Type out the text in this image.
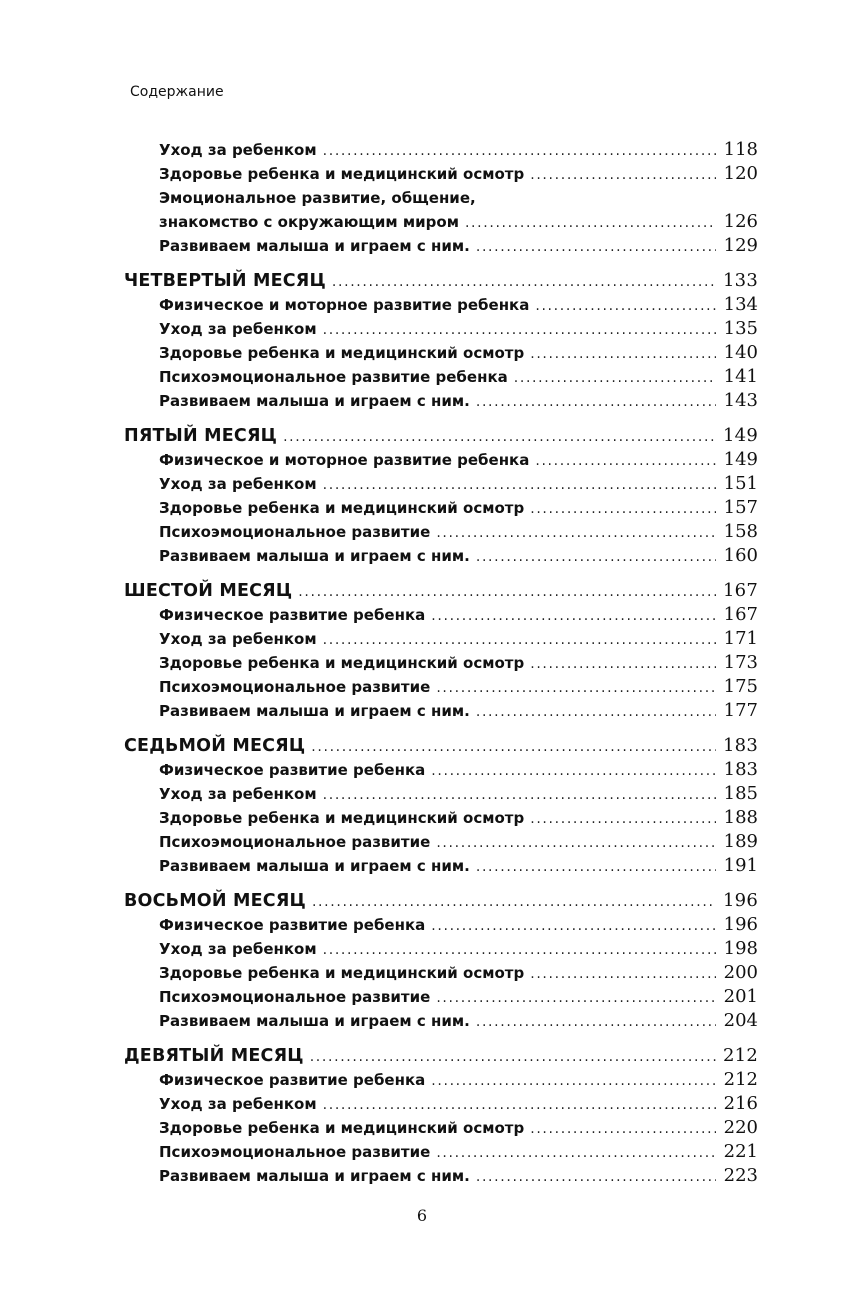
Содержание
Уход за ребенком . . .	118
Здоровье ребенка и медицинский осмотр . . .	120
Эмоциональное развитие, общение,
знакомство с окружающим миром . . .	126
Развиваем малыша и играем с ним. . . .	129
ЧЕТВЕРТЫЙ МЕСЯЦ . . .	133
Физическое и моторное развитие ребенка . . .	134
Уход за ребенком . . .	135
Здоровье ребенка и медицинский осмотр . . .	140
Психоэмоциональное развитие ребенка . . .	141
Развиваем малыша и играем с ним. . . .	143
ПЯТЫЙ МЕСЯЦ . . .	149
Физическое и моторное развитие ребенка . . .	149
Уход за ребенком . . .	151
Здоровье ребенка и медицинский осмотр . . .	157
Психоэмоциональное развитие . . .	158
Развиваем малыша и играем с ним. . . .	160
ШЕСТОЙ МЕСЯЦ . . .	167
Физическое развитие ребенка . . .	167
Уход за ребенком . . .	171
Здоровье ребенка и медицинский осмотр . . .	173
Психоэмоциональное развитие . . .	175
Развиваем малыша и играем с ним. . . .	177
СЕДЬМОЙ МЕСЯЦ . . .	183
Физическое развитие ребенка . . .	183
Уход за ребенком . . .	185
Здоровье ребенка и медицинский осмотр . . .	188
Психоэмоциональное развитие . . .	189
Развиваем малыша и играем с ним. . . .	191
ВОСЬМОЙ МЕСЯЦ . . .	196
Физическое развитие ребенка . . .	196
Уход за ребенком . . .	198
Здоровье ребенка и медицинский осмотр . . .	200
Психоэмоциональное развитие . . .	201
Развиваем малыша и играем с ним. . . .	204
ДЕВЯТЫЙ МЕСЯЦ . . .	212
Физическое развитие ребенка . . .	212
Уход за ребенком . . .	216
Здоровье ребенка и медицинский осмотр . . .	220
Психоэмоциональное развитие . . .	221
Развиваем малыша и играем с ним. . . .	223
6
